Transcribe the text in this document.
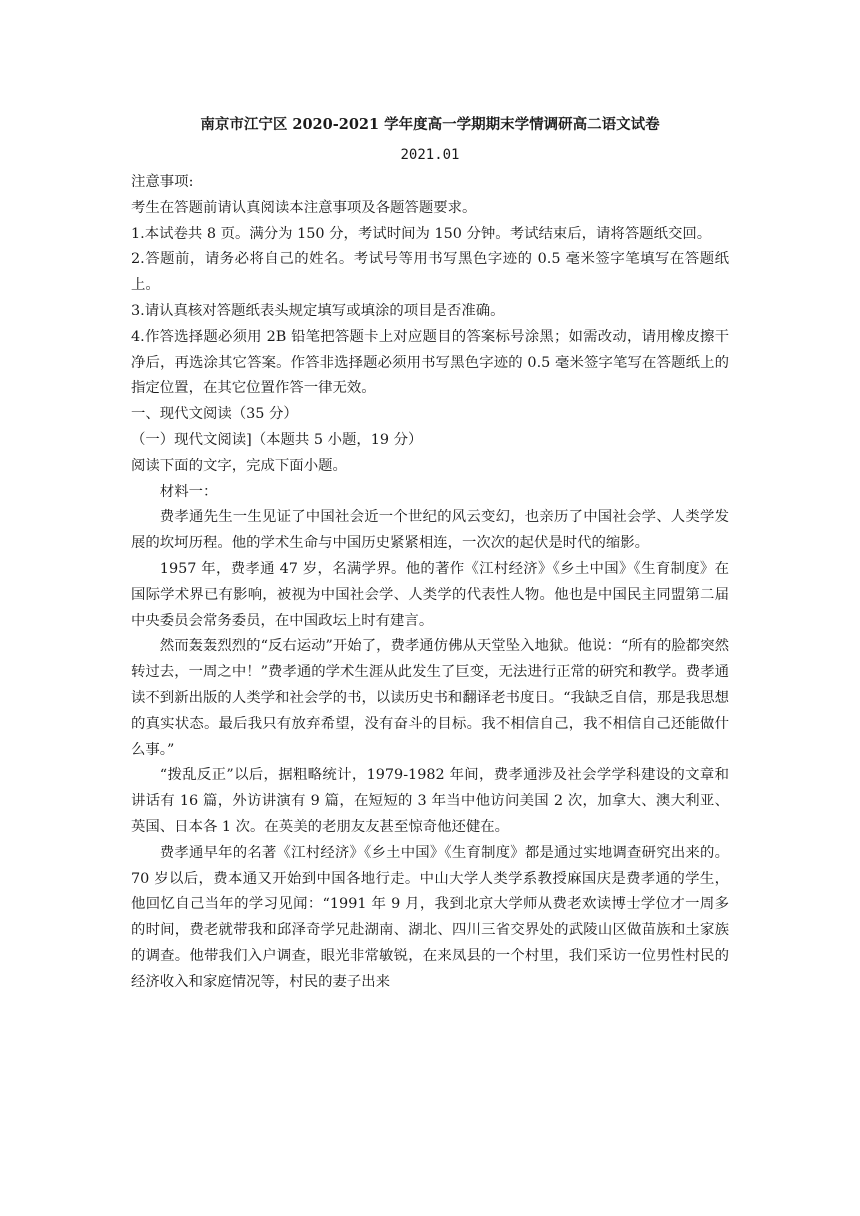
南京市江宁区 2020-2021 学年度高一学期期末学情调研高二语文试卷
2021.01

注意事项:

考生在答题前请认真阅读本注意事项及各题答题要求。

1.本试卷共 8 页。满分为 150 分，考试时间为 150 分钟。考试结束后，请将答题纸交回。

2.答题前，请务必将自己的姓名。考试号等用书写黑色字迹的 0.5 毫米签字笔填写在答题纸上。

3.请认真核对答题纸表头规定填写或填涂的项目是否准确。

4.作答选择题必须用 2B 铅笔把答题卡上对应题目的答案标号涂黑；如需改动，请用橡皮擦干净后，再选涂其它答案。作答非选择题必须用书写黑色字迹的 0.5 毫米签字笔写在答题纸上的指定位置，在其它位置作答一律无效。

一、现代文阅读（35 分）

（一）现代文阅读]（本题共 5 小题，19 分）

阅读下面的文字，完成下面小题。

材料一：

费孝通先生一生见证了中国社会近一个世纪的风云变幻，也亲历了中国社会学、人类学发展的坎坷历程。他的学术生命与中国历史紧紧相连，一次次的起伏是时代的缩影。

1957 年，费孝通 47 岁，名满学界。他的著作《江村经济》《乡土中国》《生育制度》在国际学术界已有影响，被视为中国社会学、人类学的代表性人物。他也是中国民主同盟第二届中央委员会常务委员，在中国政坛上时有建言。

然而轰轰烈烈的“反右运动”开始了，费孝通仿佛从天堂坠入地狱。他说：“所有的脸都突然转过去，一周之中！”费孝通的学术生涯从此发生了巨变，无法进行正常的研究和教学。费孝通读不到新出版的人类学和社会学的书，以读历史书和翻译老书度日。“我缺乏自信，那是我思想的真实状态。最后我只有放弃希望，没有奋斗的目标。我不相信自己，我不相信自己还能做什么事。”

“拨乱反正”以后，据粗略统计，1979-1982 年间，费孝通涉及社会学学科建设的文章和讲话有 16 篇，外访讲演有 9 篇，在短短的 3 年当中他访问美国 2 次，加拿大、澳大利亚、英国、日本各 1 次。在英美的老朋友友甚至惊奇他还健在。

费孝通早年的名著《江村经济》《乡土中国》《生育制度》都是通过实地调查研究出来的。70 岁以后，费本通又开始到中国各地行走。中山大学人类学系教授麻国庆是费孝通的学生，他回忆自己当年的学习见闻：“1991 年 9 月，我到北京大学师从费老欢读博士学位才一周多的时间，费老就带我和邱泽奇学兄赴湖南、湖北、四川三省交界处的武陵山区做苗族和土家族的调查。他带我们入户调查，眼光非常敏锐，在来凤县的一个村里，我们采访一位男性村民的经济收入和家庭情况等，村民的妻子出来
